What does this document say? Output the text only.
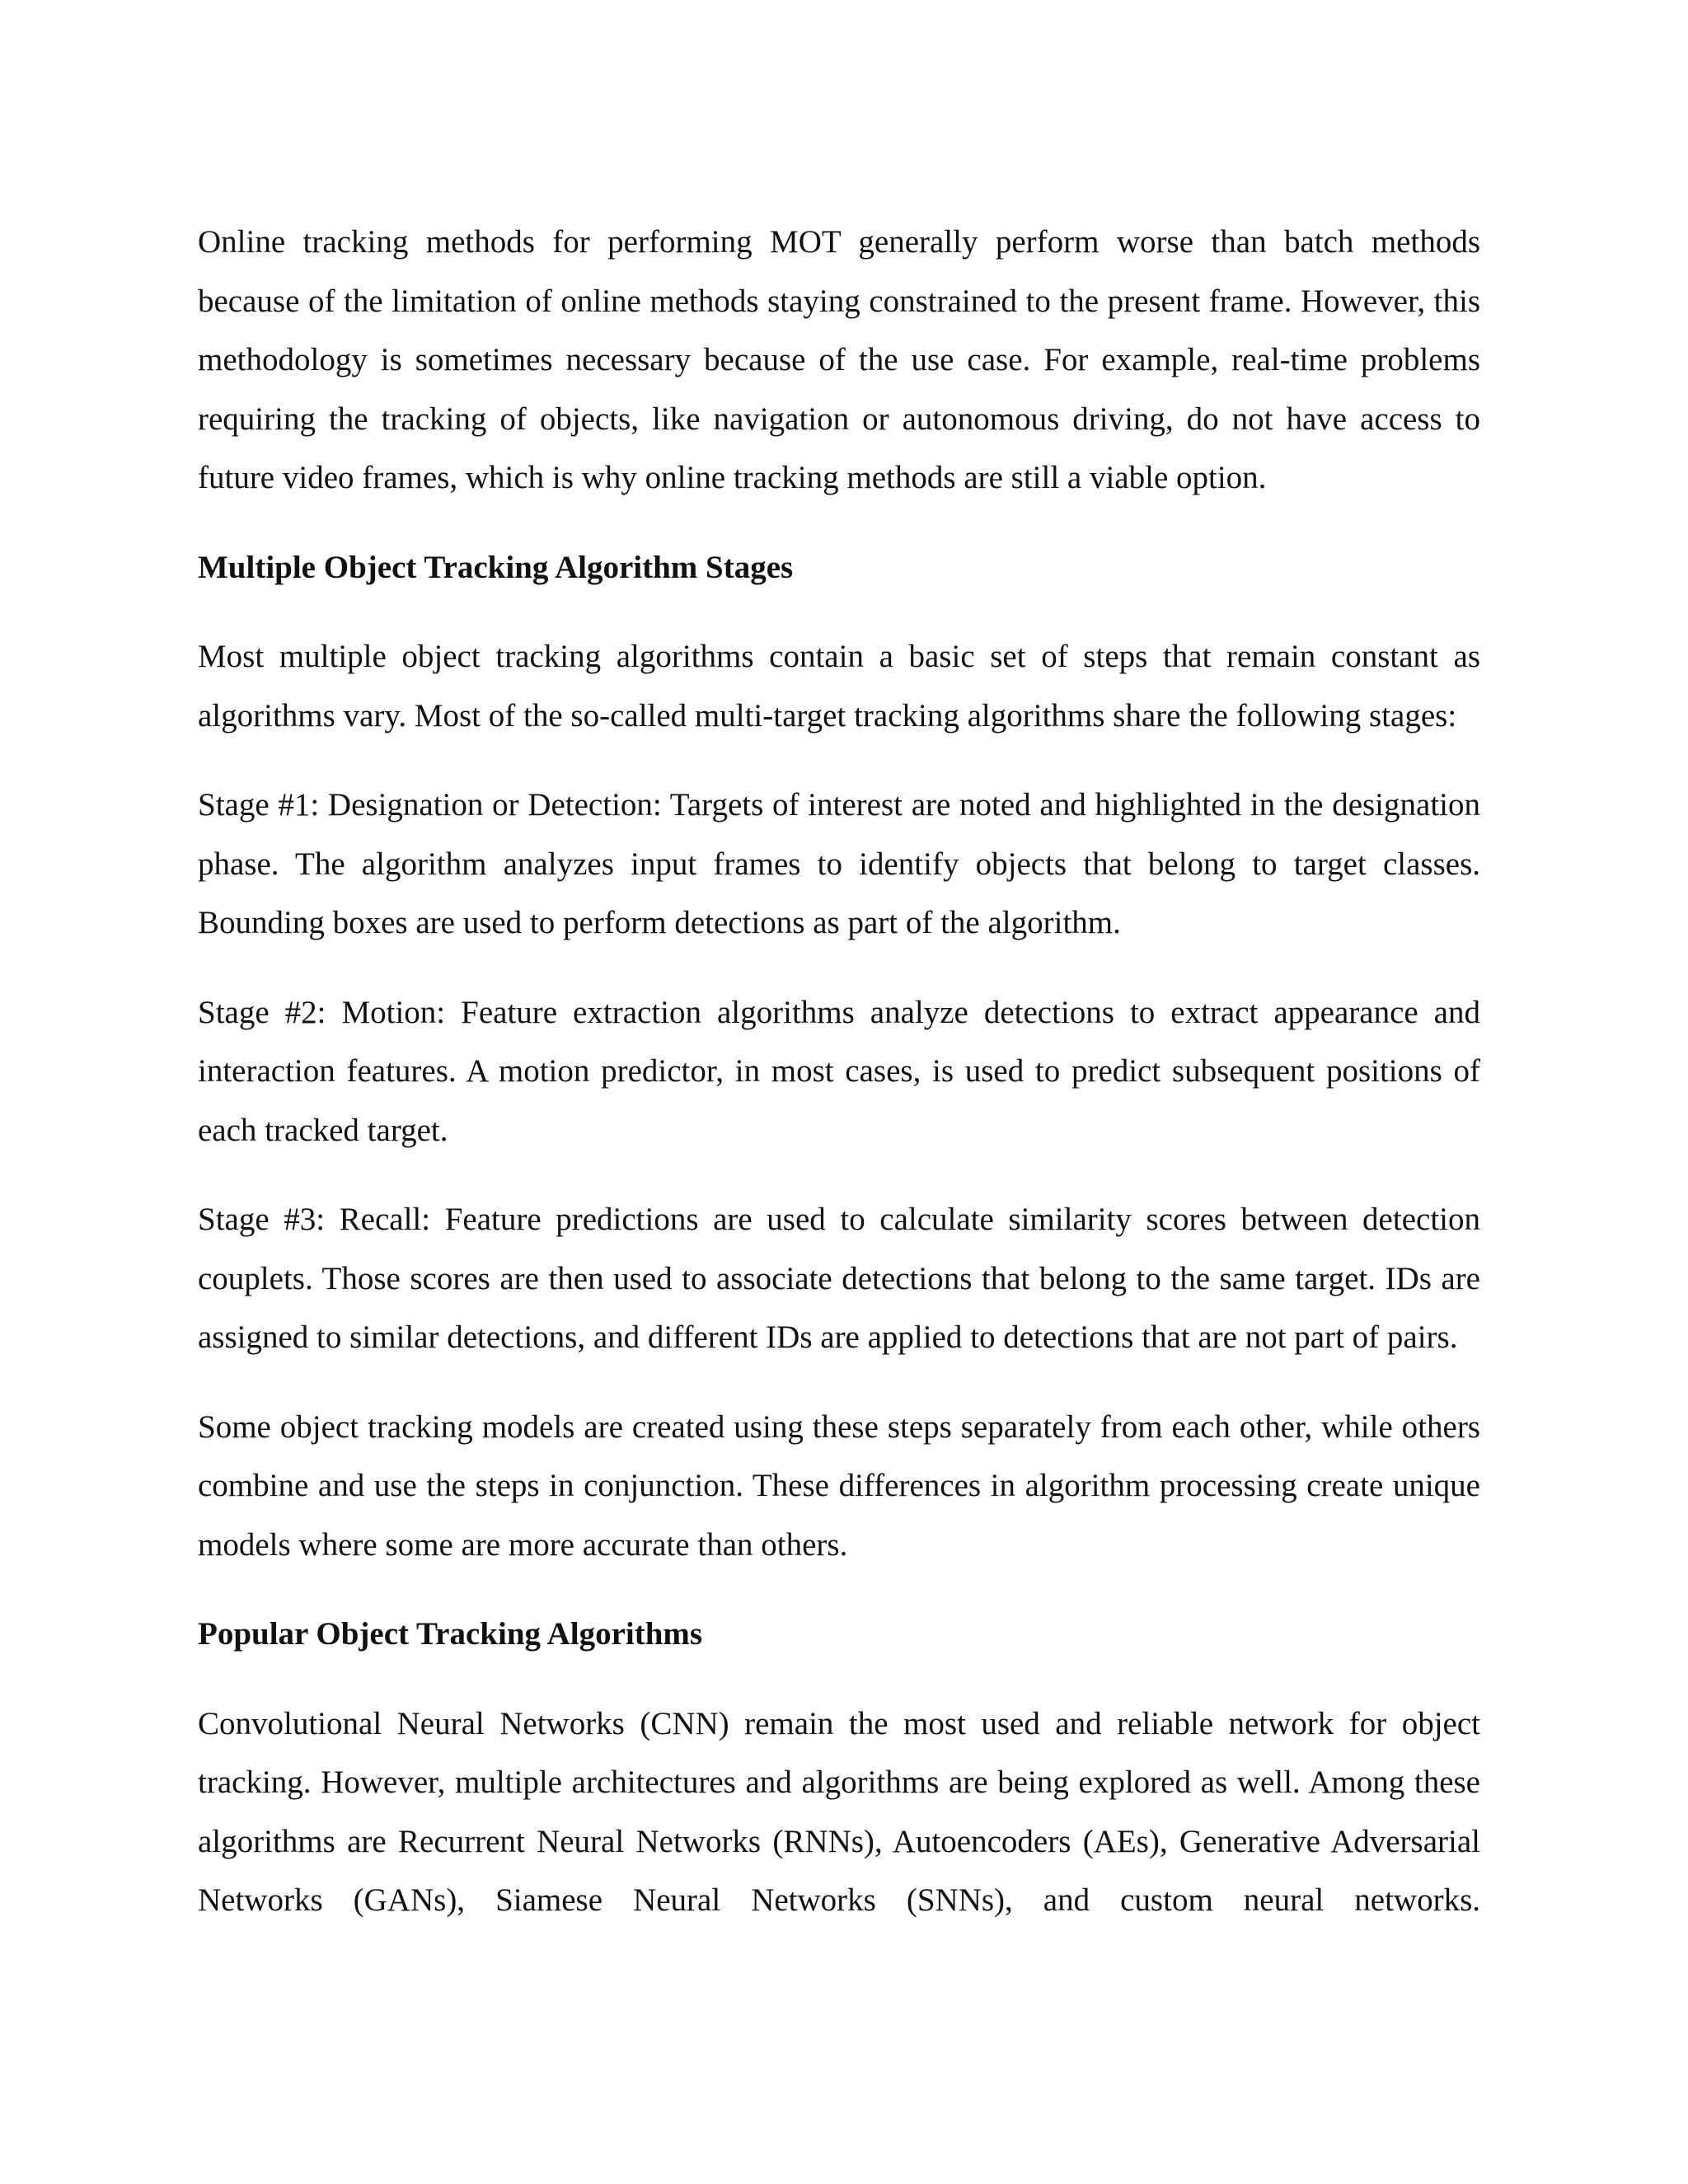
Online tracking methods for performing MOT generally perform worse than batch methods because of the limitation of online methods staying constrained to the present frame. However, this methodology is sometimes necessary because of the use case. For example, real-time problems requiring the tracking of objects, like navigation or autonomous driving, do not have access to future video frames, which is why online tracking methods are still a viable option.

Multiple Object Tracking Algorithm Stages

Most multiple object tracking algorithms contain a basic set of steps that remain constant as algorithms vary. Most of the so-called multi-target tracking algorithms share the following stages:

Stage #1: Designation or Detection: Targets of interest are noted and highlighted in the designation phase. The algorithm analyzes input frames to identify objects that belong to target classes. Bounding boxes are used to perform detections as part of the algorithm.

Stage #2: Motion: Feature extraction algorithms analyze detections to extract appearance and interaction features. A motion predictor, in most cases, is used to predict subsequent positions of each tracked target.

Stage #3: Recall: Feature predictions are used to calculate similarity scores between detection couplets. Those scores are then used to associate detections that belong to the same target. IDs are assigned to similar detections, and different IDs are applied to detections that are not part of pairs.

Some object tracking models are created using these steps separately from each other, while others combine and use the steps in conjunction. These differences in algorithm processing create unique models where some are more accurate than others.

Popular Object Tracking Algorithms

Convolutional Neural Networks (CNN) remain the most used and reliable network for object tracking. However, multiple architectures and algorithms are being explored as well. Among these algorithms are Recurrent Neural Networks (RNNs), Autoencoders (AEs), Generative Adversarial Networks (GANs), Siamese Neural Networks (SNNs), and custom neural networks.
